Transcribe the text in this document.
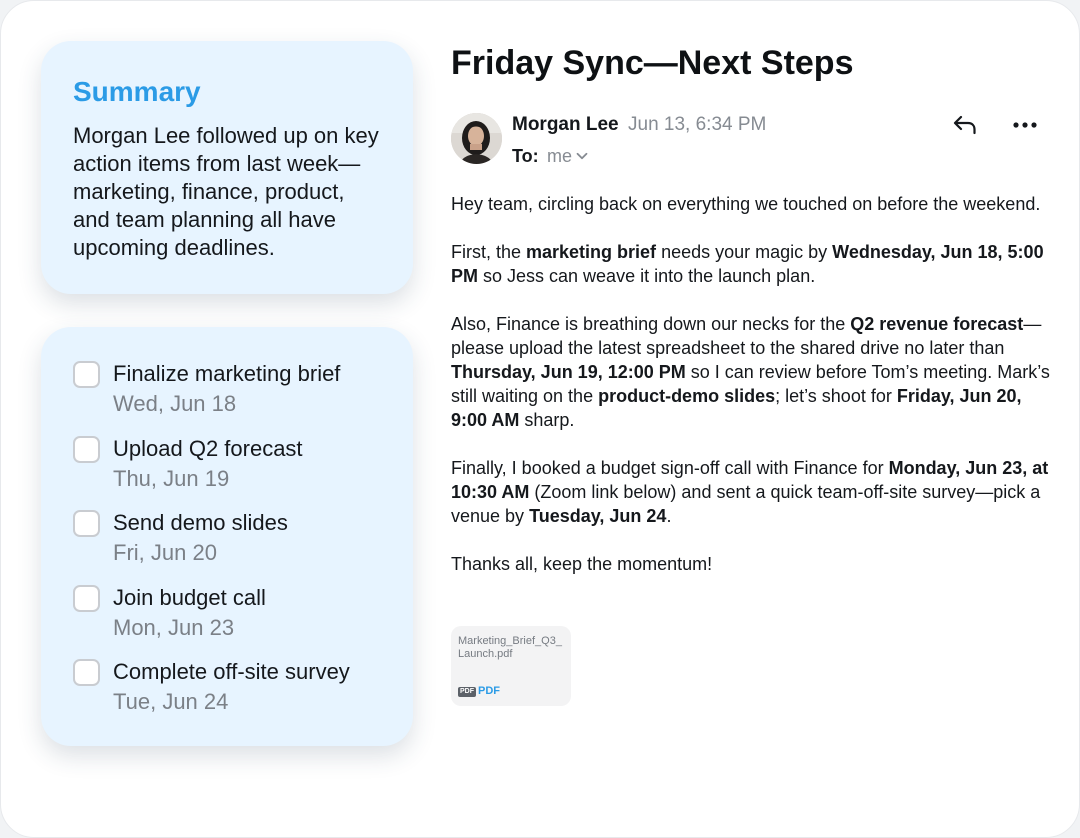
Summary

Morgan Lee followed up on key action items from last week—marketing, finance, product, and team planning all have upcoming deadlines.

Finalize marketing brief
Wed, Jun 18
Upload Q2 forecast
Thu, Jun 19
Send demo slides
Fri, Jun 20
Join budget call
Mon, Jun 23
Complete off-site survey
Tue, Jun 24
Friday Sync—Next Steps
Morgan Lee Jun 13, 6:34 PM
To: me

Hey team, circling back on everything we touched on before the weekend.

First, the marketing brief needs your magic by Wednesday, Jun 18, 5:00 PM so Jess can weave it into the launch plan.

Also, Finance is breathing down our necks for the Q2 revenue forecast—please upload the latest spreadsheet to the shared drive no later than Thursday, Jun 19, 12:00 PM so I can review before Tom’s meeting. Mark’s still waiting on the product-demo slides; let’s shoot for Friday, Jun 20, 9:00 AM sharp.

Finally, I booked a budget sign-off call with Finance for Monday, Jun 23, at 10:30 AM (Zoom link below) and sent a quick team-off-site survey—pick a venue by Tuesday, Jun 24.

Thanks all, keep the momentum!

Marketing_Brief_Q3_Launch.pdf
PDF PDF
